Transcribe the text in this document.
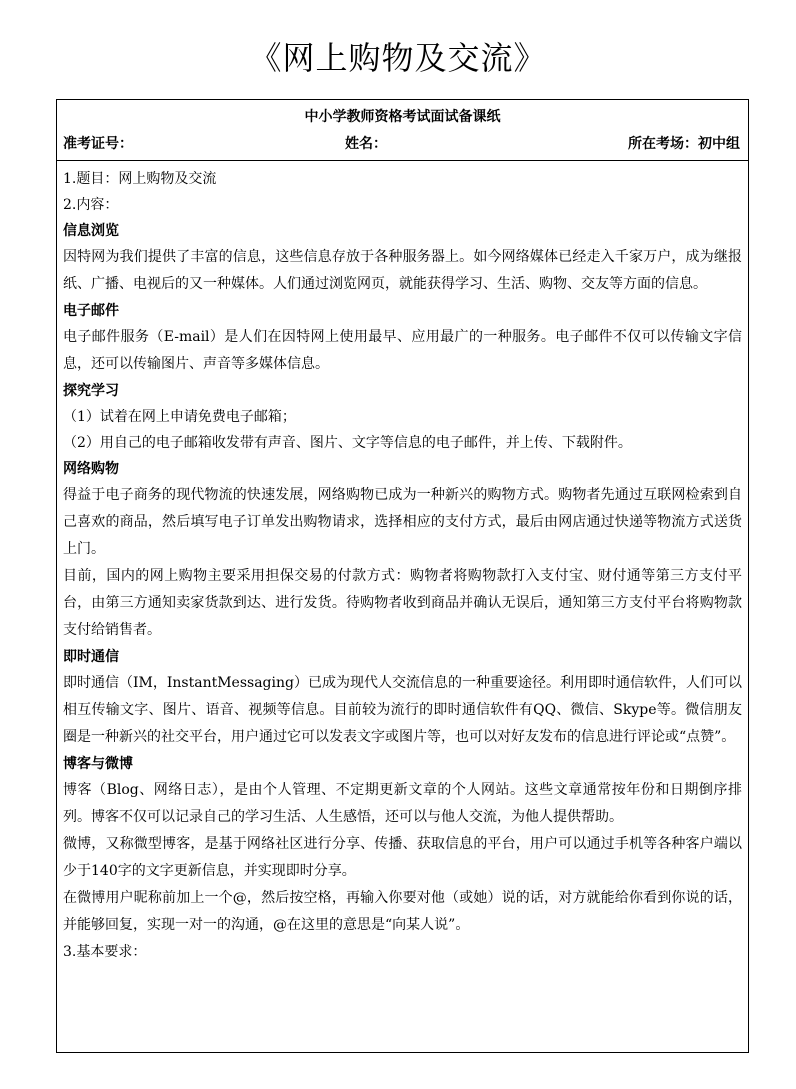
《网上购物及交流》
中小学教师资格考试面试备课纸
准考证号：	姓名：	所在考场：初中组

1.题目：网上购物及交流

2.内容：

信息浏览

因特网为我们提供了丰富的信息，这些信息存放于各种服务器上。如今网络媒体已经走入千家万户，成为继报纸、广播、电视后的又一种媒体。人们通过浏览网页，就能获得学习、生活、购物、交友等方面的信息。

电子邮件

电子邮件服务（E-mail）是人们在因特网上使用最早、应用最广的一种服务。电子邮件不仅可以传输文字信息，还可以传输图片、声音等多媒体信息。

探究学习

（1）试着在网上申请免费电子邮箱；

（2）用自己的电子邮箱收发带有声音、图片、文字等信息的电子邮件，并上传、下载附件。

网络购物

得益于电子商务的现代物流的快速发展，网络购物已成为一种新兴的购物方式。购物者先通过互联网检索到自己喜欢的商品，然后填写电子订单发出购物请求，选择相应的支付方式，最后由网店通过快递等物流方式送货上门。

目前，国内的网上购物主要采用担保交易的付款方式：购物者将购物款打入支付宝、财付通等第三方支付平台，由第三方通知卖家货款到达、进行发货。待购物者收到商品并确认无误后，通知第三方支付平台将购物款支付给销售者。

即时通信

即时通信（IM，InstantMessaging）已成为现代人交流信息的一种重要途径。利用即时通信软件，人们可以相互传输文字、图片、语音、视频等信息。目前较为流行的即时通信软件有QQ、微信、Skype等。微信朋友圈是一种新兴的社交平台，用户通过它可以发表文字或图片等，也可以对好友发布的信息进行评论或“点赞”。

博客与微博

博客（Blog、网络日志），是由个人管理、不定期更新文章的个人网站。这些文章通常按年份和日期倒序排列。博客不仅可以记录自己的学习生活、人生感悟，还可以与他人交流，为他人提供帮助。

微博，又称微型博客，是基于网络社区进行分享、传播、获取信息的平台，用户可以通过手机等各种客户端以少于140字的文字更新信息，并实现即时分享。

在微博用户昵称前加上一个@，然后按空格，再输入你要对他（或她）说的话，对方就能给你看到你说的话，并能够回复，实现一对一的沟通，@在这里的意思是“向某人说”。

3.基本要求：
